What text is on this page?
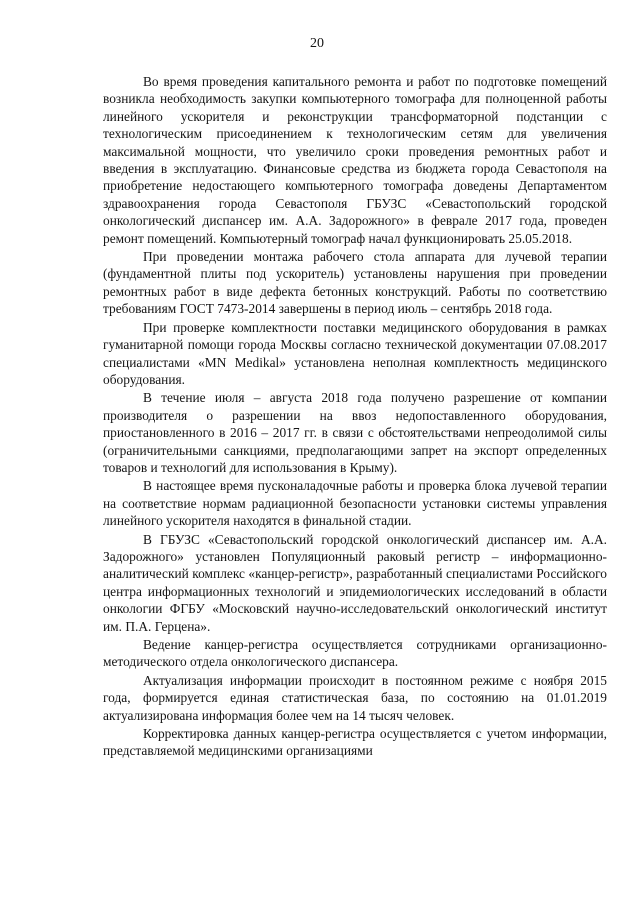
20

Во время проведения капитального ремонта и работ по подготовке помещений возникла необходимость закупки компьютерного томографа для полноценной работы линейного ускорителя и реконструкции трансформаторной подстанции с технологическим присоединением к технологическим сетям для увеличения максимальной мощности, что увеличило сроки проведения ремонтных работ и введения в эксплуатацию. Финансовые средства из бюджета города Севастополя на приобретение недостающего компьютерного томографа доведены Департаментом здравоохранения города Севастополя ГБУЗС «Севастопольский городской онкологический диспансер им. А.А. Задорожного» в феврале 2017 года, проведен ремонт помещений. Компьютерный томограф начал функционировать 25.05.2018.

При проведении монтажа рабочего стола аппарата для лучевой терапии (фундаментной плиты под ускоритель) установлены нарушения при проведении ремонтных работ в виде дефекта бетонных конструкций. Работы по соответствию требованиям ГОСТ 7473-2014 завершены в период июль – сентябрь 2018 года.

При проверке комплектности поставки медицинского оборудования в рамках гуманитарной помощи города Москвы согласно технической документации 07.08.2017 специалистами «MN Medikal» установлена неполная комплектность медицинского оборудования.

В течение июля – августа 2018 года получено разрешение от компании производителя о разрешении на ввоз недопоставленного оборудования, приостановленного в 2016 – 2017 гг. в связи с обстоятельствами непреодолимой силы (ограничительными санкциями, предполагающими запрет на экспорт определенных товаров и технологий для использования в Крыму).

В настоящее время пусконаладочные работы и проверка блока лучевой терапии на соответствие нормам радиационной безопасности установки системы управления линейного ускорителя находятся в финальной стадии.

В ГБУЗС «Севастопольский городской онкологический диспансер им. А.А. Задорожного» установлен Популяционный раковый регистр – информационно-аналитический комплекс «канцер-регистр», разработанный специалистами Российского центра информационных технологий и эпидемиологических исследований в области онкологии ФГБУ «Московский научно-исследовательский онкологический институт им. П.А. Герцена».

Ведение канцер-регистра осуществляется сотрудниками организационно-методического отдела онкологического диспансера.

Актуализация информации происходит в постоянном режиме с ноября 2015 года, формируется единая статистическая база, по состоянию на 01.01.2019 актуализирована информация более чем на 14 тысяч человек.

Корректировка данных канцер-регистра осуществляется с учетом информации, представляемой медицинскими организациями
